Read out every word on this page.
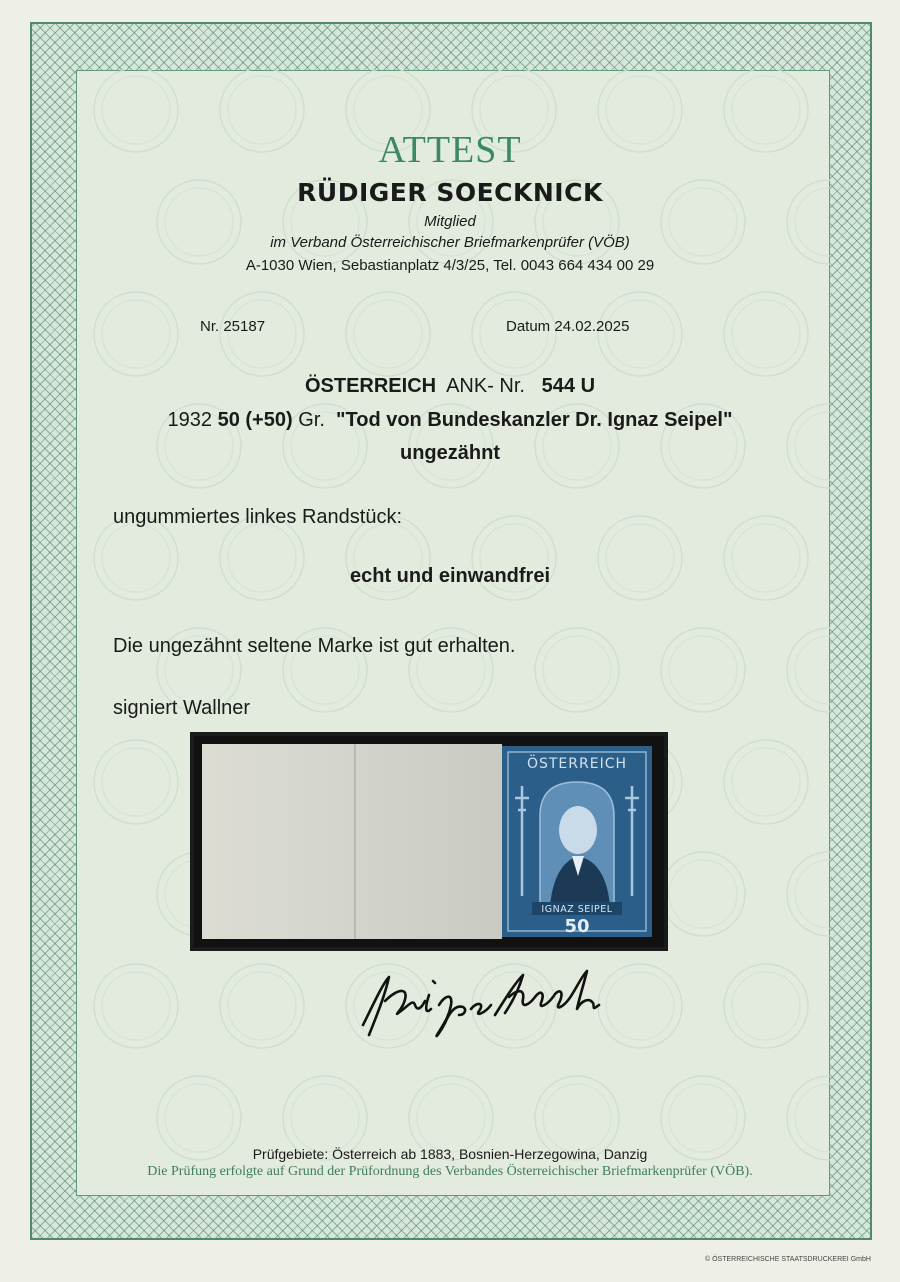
ATTEST
RÜDIGER SOECKNICK
Mitglied
im Verband Österreichischer Briefmarkenprüfer (VÖB)
A-1030 Wien, Sebastianplatz 4/3/25, Tel. 0043 664 434 00 29
Nr. 25187	Datum 24.02.2025
ÖSTERREICH ANK- Nr. 544 U
1932 50 (+50) Gr. "Tod von Bundeskanzler Dr. Ignaz Seipel"
ungezähnt
ungummiertes linkes Randstück:
echt und einwandfrei
Die ungezähnt seltene Marke ist gut erhalten.
signiert Wallner
ÖSTERREICH
IGNAZ SEIPEL
50
Prüfgebiete: Österreich ab 1883, Bosnien-Herzegowina, Danzig
Die Prüfung erfolgte auf Grund der Prüfordnung des Verbandes Österreichischer Briefmarkenprüfer (VÖB).
© ÖSTERREICHISCHE STAATSDRUCKEREI GmbH
